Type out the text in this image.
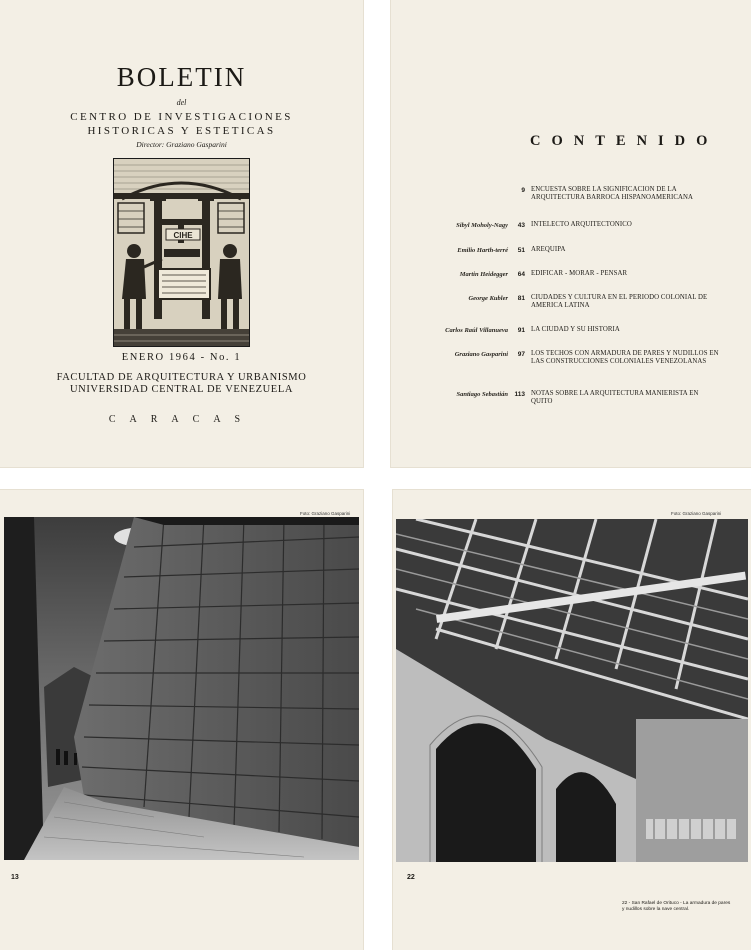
BOLETIN
del
CENTRO DE INVESTIGACIONES
HISTORICAS Y ESTETICAS
Director: Graziano Gasparini
CIHE
ENERO 1964 - No. 1
FACULTAD DE ARQUITECTURA Y URBANISMO
UNIVERSIDAD CENTRAL DE VENEZUELA
CARACAS
CONTENIDO
9 ENCUESTA SOBRE LA SIGNIFICACION DE LA ARQUITECTURA BARROCA HISPANOAMERICANA
Sibyl Moholy-Nagy	43 INTELECTO ARQUITECTONICO
Emilio Harth-terré	51 AREQUIPA
Martin Heidegger	64 EDIFICAR - MORAR - PENSAR
George Kubler	81 CIUDADES Y CULTURA EN EL PERIODO COLONIAL DE AMERICA LATINA
Carlos Raúl Villanueva	91 LA CIUDAD Y SU HISTORIA
Graziano Gasparini	97 LOS TECHOS CON ARMADURA DE PARES Y NUDILLOS EN LAS CONSTRUCCIONES COLONIALES VENEZOLANAS
Santiago Sebastián	113 NOTAS SOBRE LA ARQUITECTURA MANIERISTA EN QUITO
Foto: Graziano Gasparini
13
Foto: Graziano Gasparini
22
22 - San Rafael de Orituco - La armadura de pares y nudillos sobre la nave central.
